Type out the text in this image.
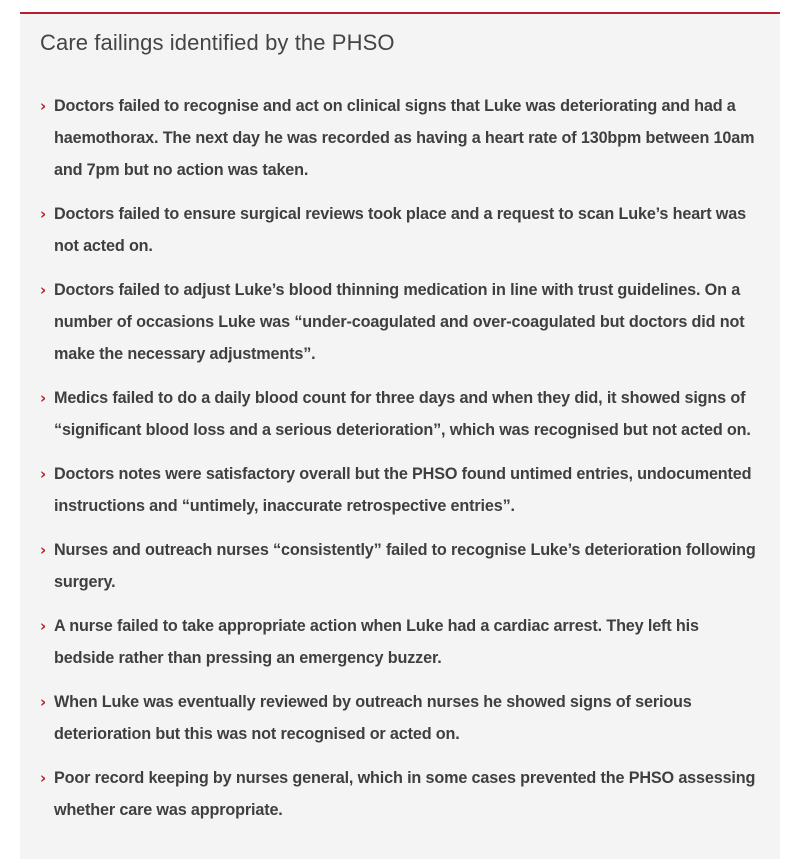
Care failings identified by the PHSO
› Doctors failed to recognise and act on clinical signs that Luke was deteriorating and had a haemothorax. The next day he was recorded as having a heart rate of 130bpm between 10am and 7pm but no action was taken.
› Doctors failed to ensure surgical reviews took place and a request to scan Luke’s heart was not acted on.
› Doctors failed to adjust Luke’s blood thinning medication in line with trust guidelines. On a number of occasions Luke was “under-coagulated and over-coagulated but doctors did not make the necessary adjustments”.
› Medics failed to do a daily blood count for three days and when they did, it showed signs of “significant blood loss and a serious deterioration”, which was recognised but not acted on.
› Doctors notes were satisfactory overall but the PHSO found untimed entries, undocumented instructions and “untimely, inaccurate retrospective entries”.
› Nurses and outreach nurses “consistently” failed to recognise Luke’s deterioration following surgery.
› A nurse failed to take appropriate action when Luke had a cardiac arrest. They left his bedside rather than pressing an emergency buzzer.
› When Luke was eventually reviewed by outreach nurses he showed signs of serious deterioration but this was not recognised or acted on.
› Poor record keeping by nurses general, which in some cases prevented the PHSO assessing whether care was appropriate.
